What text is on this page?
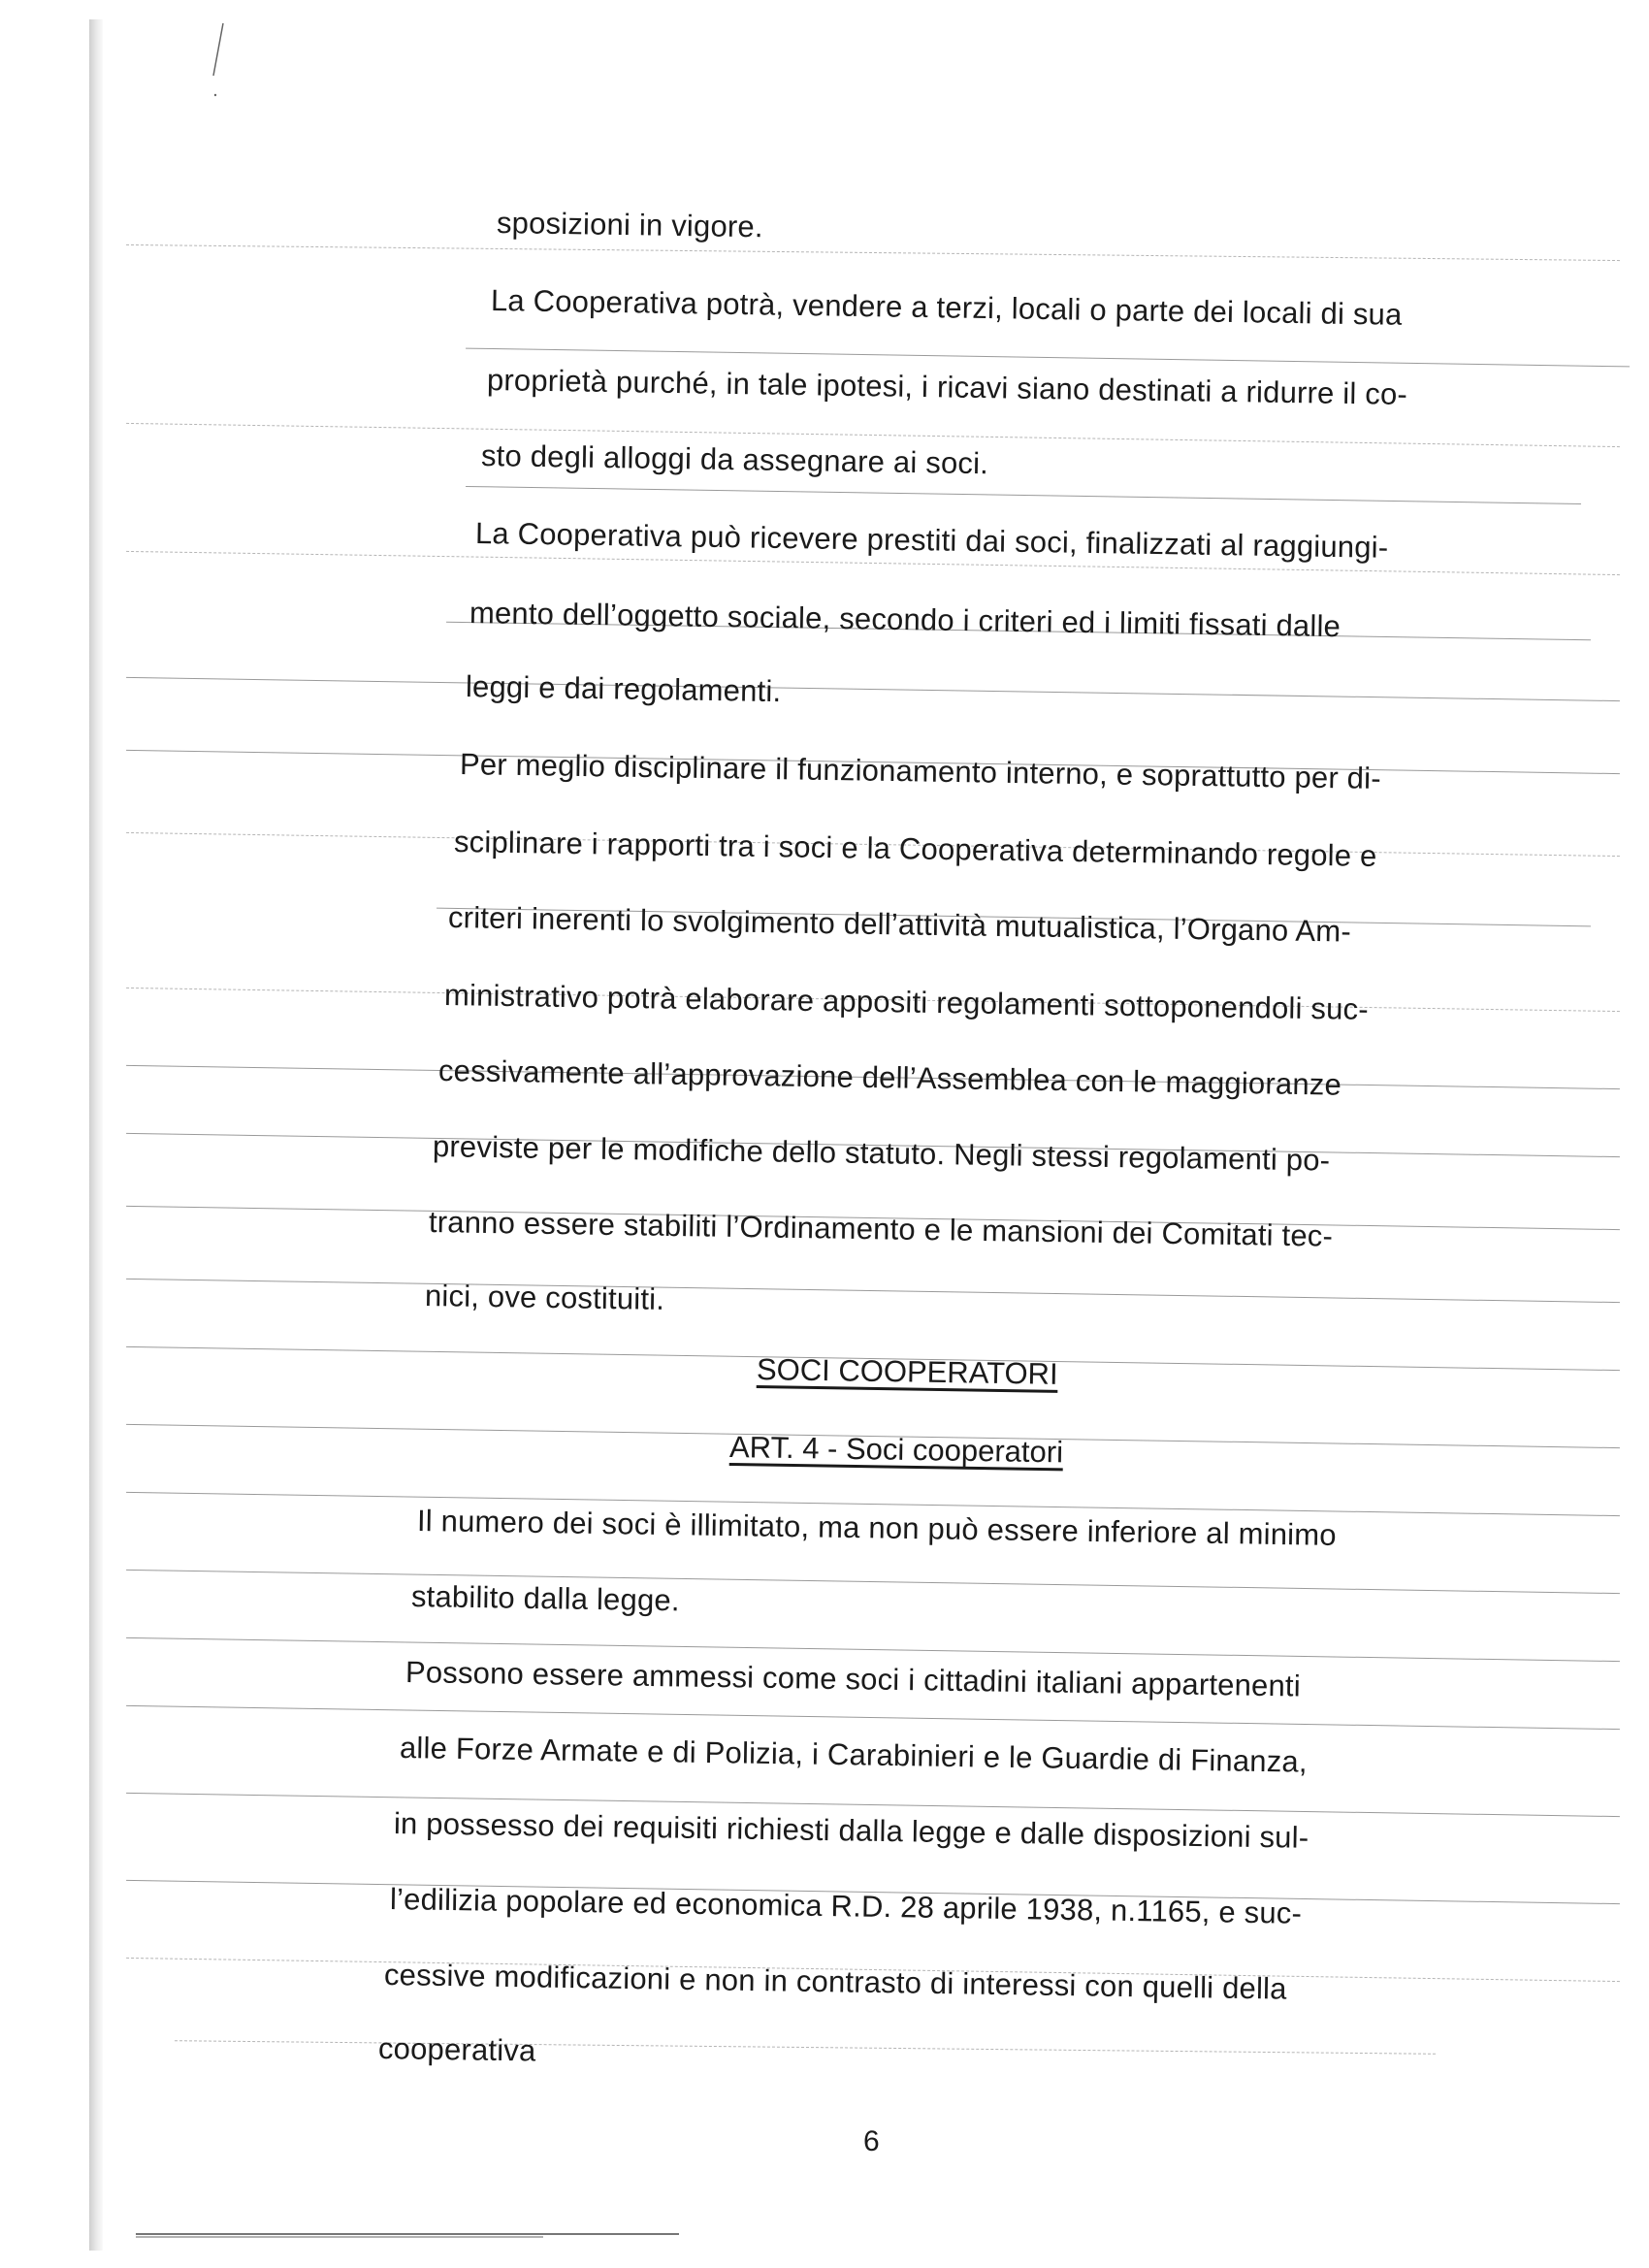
sposizioni in vigore.
La Cooperativa potrà, vendere a terzi, locali o parte dei locali di sua
proprietà purché, in tale ipotesi, i ricavi siano destinati a ridurre il co-
sto degli alloggi da assegnare ai soci.
La Cooperativa può ricevere prestiti dai soci, finalizzati al raggiungi-
mento dell’oggetto sociale, secondo i criteri ed i limiti fissati dalle
leggi e dai regolamenti.
Per meglio disciplinare il funzionamento interno, e soprattutto per di-
sciplinare i rapporti tra i soci e la Cooperativa determinando regole e
criteri inerenti lo svolgimento dell’attività mutualistica, l’Organo Am-
ministrativo potrà elaborare appositi regolamenti sottoponendoli suc-
cessivamente all’approvazione dell’Assemblea con le maggioranze
previste per le modifiche dello statuto. Negli stessi regolamenti po-
tranno essere stabiliti l’Ordinamento e le mansioni dei Comitati tec-
nici, ove costituiti.
SOCI COOPERATORI
ART. 4 - Soci cooperatori
Il numero dei soci è illimitato, ma non può essere inferiore al minimo
stabilito dalla legge.
Possono essere ammessi come soci i cittadini italiani appartenenti
alle Forze Armate e di Polizia, i Carabinieri e le Guardie di Finanza,
in possesso dei requisiti richiesti dalla legge e dalle disposizioni sul-
l’edilizia popolare ed economica R.D. 28 aprile 1938, n.1165, e suc-
cessive modificazioni e non in contrasto di interessi con quelli della
cooperativa
6
